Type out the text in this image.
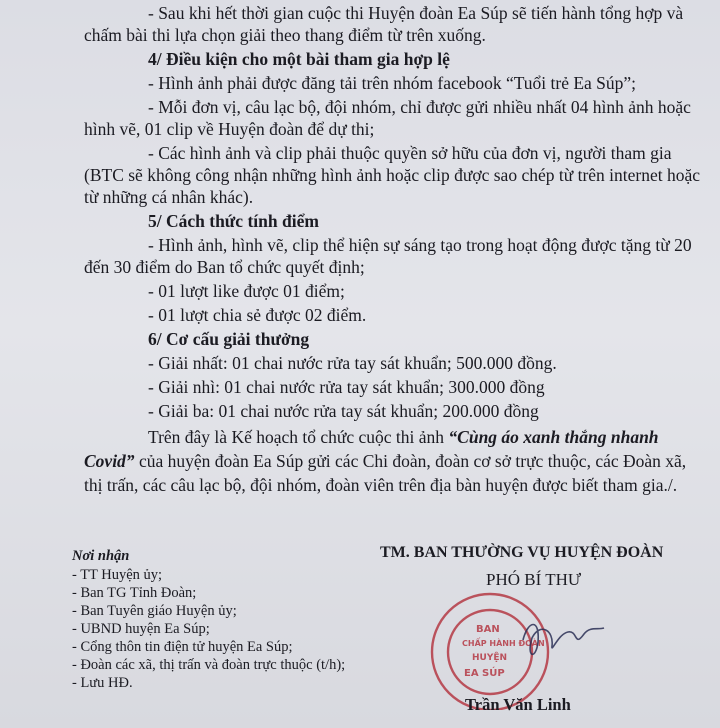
- Sau khi hết thời gian cuộc thi Huyện đoàn Ea Súp sẽ tiến hành tổng hợp và
chấm bài thi lựa chọn giải theo thang điểm từ trên xuống.
4/ Điều kiện cho một bài tham gia hợp lệ
- Hình ảnh phải được đăng tải trên nhóm facebook “Tuổi trẻ Ea Súp”;
- Mỗi đơn vị, câu lạc bộ, đội nhóm, chỉ được gửi nhiều nhất 04 hình ảnh hoặc
hình vẽ, 01 clip về Huyện đoàn để dự thi;
- Các hình ảnh và clip phải thuộc quyền sở hữu của đơn vị, người tham gia
(BTC sẽ không công nhận những hình ảnh hoặc clip được sao chép từ trên internet hoặc
từ những cá nhân khác).
5/ Cách thức tính điểm
- Hình ảnh, hình vẽ, clip thể hiện sự sáng tạo trong hoạt động được tặng từ 20
đến 30 điểm do Ban tổ chức quyết định;
- 01 lượt like được 01 điểm;
- 01 lượt chia sẻ được 02 điểm.
6/ Cơ cấu giải thưởng
- Giải nhất: 01 chai nước rửa tay sát khuẩn; 500.000 đồng.
- Giải nhì: 01 chai nước rửa tay sát khuẩn; 300.000 đồng
- Giải ba: 01 chai nước rửa tay sát khuẩn; 200.000 đồng
Trên đây là Kế hoạch tổ chức cuộc thi ảnh “Cùng áo xanh thắng nhanh
Covid” của huyện đoàn Ea Súp gửi các Chi đoàn, đoàn cơ sở trực thuộc, các Đoàn xã,
thị trấn, các câu lạc bộ, đội nhóm, đoàn viên trên địa bàn huyện được biết tham gia./.
Nơi nhận
- TT Huyện ủy;
- Ban TG Tỉnh Đoàn;
- Ban Tuyên giáo Huyện ủy;
- UBND huyện Ea Súp;
- Cổng thôn tin điện tử huyện Ea Súp;
- Đoàn các xã, thị trấn và đoàn trực thuộc (t/h);
- Lưu HĐ.
TM. BAN THƯỜNG VỤ HUYỆN ĐOÀN
PHÓ BÍ THƯ
BAN
CHẤP HÀNH ĐOÀN
HUYỆN
EA SÚP
Trần Văn Linh
